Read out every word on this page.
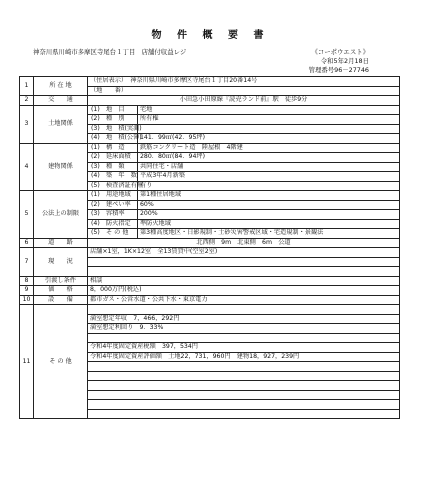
物 件 概 要 書
神奈川県川崎市多摩区寺尾台１丁目　店舗付収益レジ	《コーポウエスト》
令和5年2月18日
管理番号96－27746
1	所 在 地	（住居表示）　神奈川県川崎市多摩区寺尾台１丁目20番14号	
		（地　　番）	
2	交　　通	小田急小田原線『読売ランド前』駅　徒歩9分	
3	土地関係	(1)　地　目	宅地
		(2)　種　別	所有権
		(3)　地　積(実測)	
		(4)　地　積(公簿)	141．99㎡(42．95坪)
4	建物関係	(1)　構　造	鉄筋コンクリート造　陸屋根　4階建
		(2)　延床面積	280．80㎡(84．94坪)
		(3)　種　類	共同住宅・店舗
		(4)　築　年　数	平成3年4月新築
		(5)　検査済証有無	有り
5	公法上の制限	(1)　用途地域	第1種住居地域
		(2)　建ぺい率	60%
		(3)　容積率	200%
		(4)　防火指定	準防火地域
		(5)　そ の 他	第3種高度地区・日影規制・土砂災害警戒区域・宅造規制・景観法
6	道　　路	北西側　9m　北東側　6m　公道	
7	現　　況	店舗×1室，1K×12室　全13賃貸中(空室2室)	

8	引渡し条件	相談	
9	価　　格	8，000万円(税込)	
10	設　　備	都市ガス・公営水道・公共下水・東京電力	
11	そ の 他		
		満室想定年収　7，466，292円	
		満室想定利回り　9．33%	

		令和4年度固定資産税額　397，534円	
		令和4年度固定資産評価額　土地22，731，960円　建物18，927，239円	
